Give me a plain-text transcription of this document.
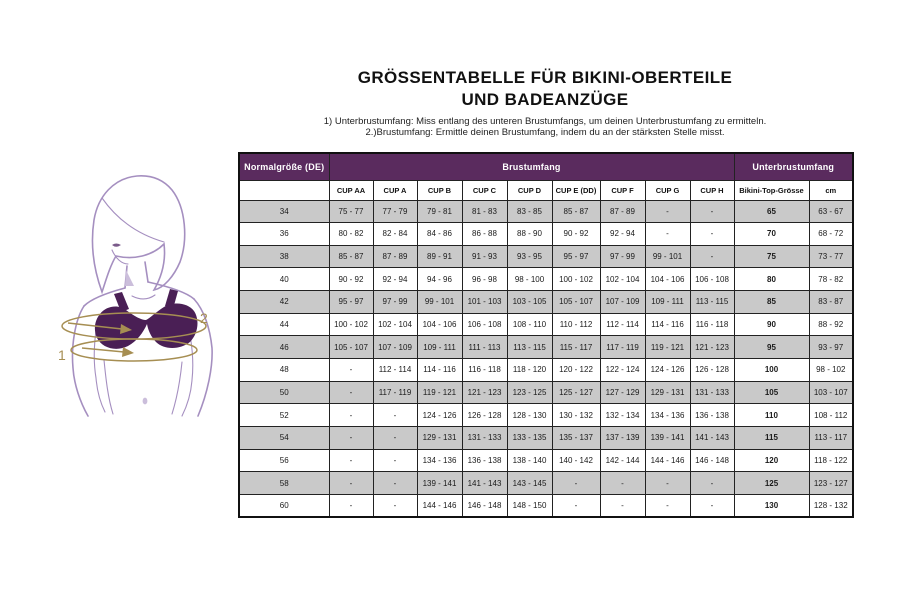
GRÖSSENTABELLE FÜR BIKINI-OBERTEILE
UND BADEANZÜGE
1) Unterbrustumfang: Miss entlang des unteren Brustumfangs, um deinen Unterbrustumfang zu ermitteln.
2.)Brustumfang: Ermittle deinen Brustumfang, indem du an der stärksten Stelle misst.
2
1
Normalgröße (DE)	Brustumfang									Unterbrustumfang	
	CUP AA	CUP A	CUP B	CUP C	CUP D	CUP E (DD)	CUP F	CUP G	CUP H	Bikini-Top-Grösse	cm
34	75 - 77	77 - 79	79 - 81	81 - 83	83 - 85	85 - 87	87 - 89	-	-	65	63 - 67
36	80 - 82	82 - 84	84 - 86	86 - 88	88 - 90	90 - 92	92 - 94	-	-	70	68 - 72
38	85 - 87	87 - 89	89 - 91	91 - 93	93 - 95	95 - 97	97 - 99	99 - 101	-	75	73 - 77
40	90 - 92	92 - 94	94 - 96	96 - 98	98 - 100	100 - 102	102 - 104	104 - 106	106 - 108	80	78 - 82
42	95 - 97	97 - 99	99 - 101	101 - 103	103 - 105	105 - 107	107 - 109	109 - 111	113 - 115	85	83 - 87
44	100 - 102	102 - 104	104 - 106	106 - 108	108 - 110	110 - 112	112 - 114	114 - 116	116 - 118	90	88 - 92
46	105 - 107	107 - 109	109 - 111	111 - 113	113 - 115	115 - 117	117 - 119	119 - 121	121 - 123	95	93 - 97
48	-	112 - 114	114 - 116	116 - 118	118 - 120	120 - 122	122 - 124	124 - 126	126 - 128	100	98 - 102
50	-	117 - 119	119 - 121	121 - 123	123 - 125	125 - 127	127 - 129	129 - 131	131 - 133	105	103 - 107
52	-	-	124 - 126	126 - 128	128 - 130	130 - 132	132 - 134	134 - 136	136 - 138	110	108 - 112
54	-	-	129 - 131	131 - 133	133 - 135	135 - 137	137 - 139	139 - 141	141 - 143	115	113 - 117
56	-	-	134 - 136	136 - 138	138 - 140	140 - 142	142 - 144	144 - 146	146 - 148	120	118 - 122
58	-	-	139 - 141	141 - 143	143 - 145	-	-	-	-	125	123 - 127
60	-	-	144 - 146	146 - 148	148 - 150	-	-	-	-	130	128 - 132
